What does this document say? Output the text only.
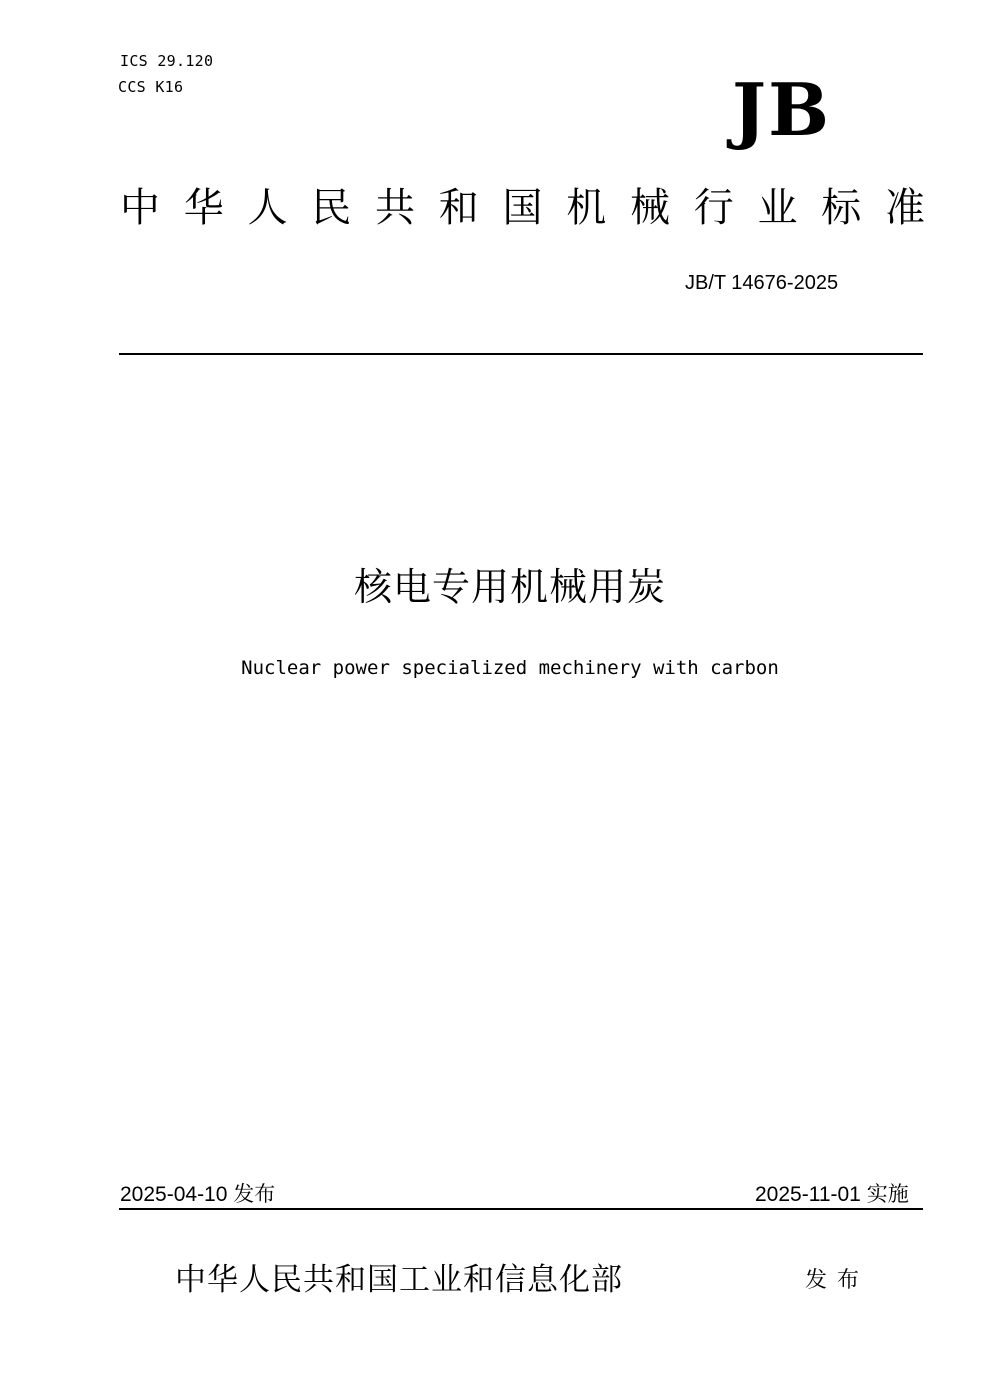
ICS 29.120
CCS K16	JB
中 华 人 民 共 和 国 机 械 行 业 标 准
JB/T 14676-2025
核电专用机械用炭
Nuclear power specialized mechinery with carbon
2025-04-10 发布	2025-11-01 实施
中华人民共和国工业和信息化部	发布
